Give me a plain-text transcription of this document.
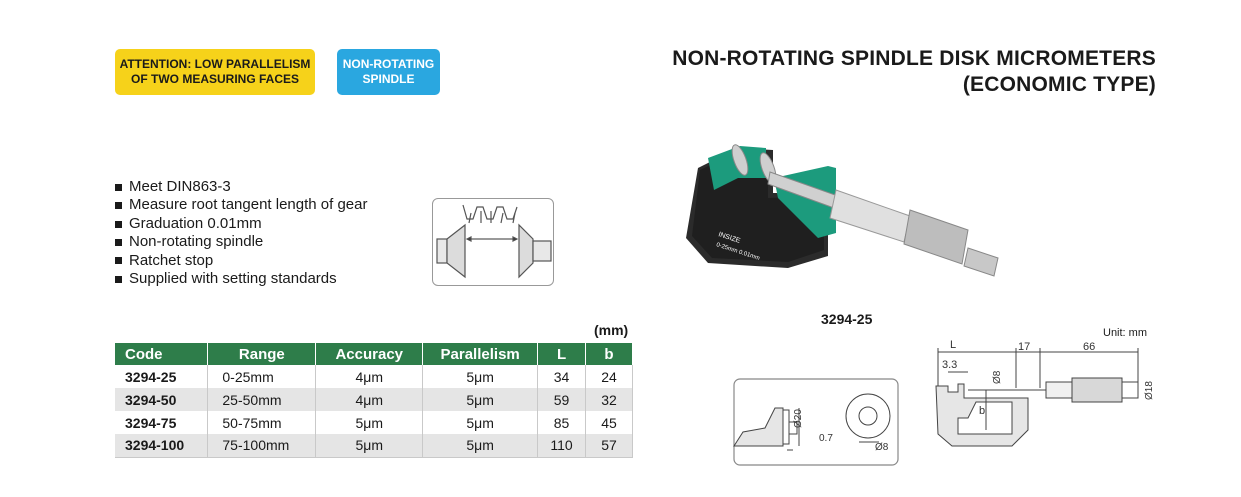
ATTENTION: LOW PARALLELISM
OF TWO MEASURING FACES
NON-ROTATING
SPINDLE
NON-ROTATING SPINDLE DISK MICROMETERS
(ECONOMIC TYPE)
Meet DIN863-3
Measure root tangent length of gear
Graduation 0.01mm
Non-rotating spindle
Ratchet stop
Supplied with setting standards
INSIZE
0-25mm 0.01mm
3294-25
(mm)
Code	Range	Accuracy	Parallelism	L	b
3294-25	0-25mm	4μm	5μm	34	24
3294-50	25-50mm	4μm	5μm	59	32
3294-75	50-75mm	5μm	5μm	85	45
3294-100	75-100mm	5μm	5μm	110	57
Ø20
0.7
Ø8
Unit: mm
L	17	66
3.3
Ø8
Ø18
b
